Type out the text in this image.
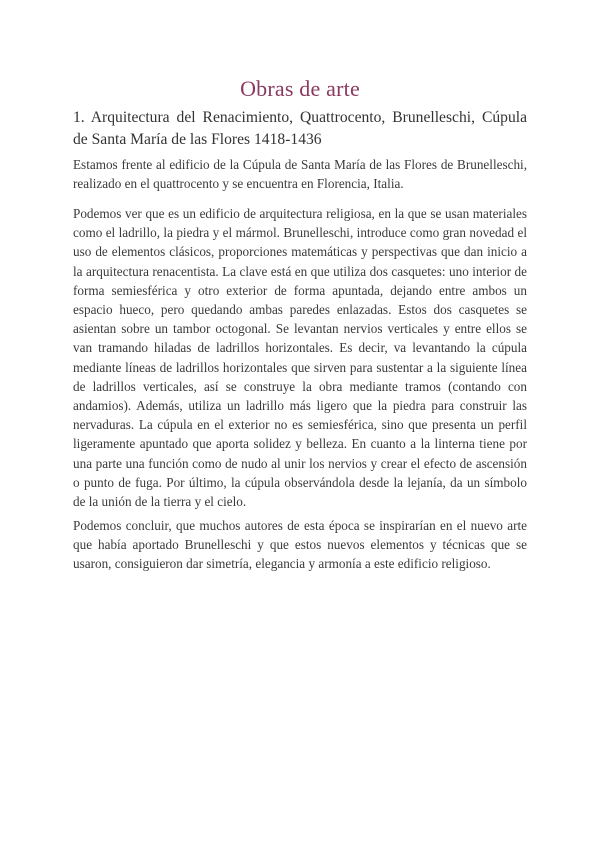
Obras de arte
1. Arquitectura del Renacimiento, Quattrocento, Brunelleschi, Cúpula de Santa María de las Flores 1418-1436

Estamos frente al edificio de la Cúpula de Santa María de las Flores de Brunelleschi, realizado en el quattrocento y se encuentra en Florencia, Italia.

Podemos ver que es un edificio de arquitectura religiosa, en la que se usan materiales como el ladrillo, la piedra y el mármol. Brunelleschi, introduce como gran novedad el uso de elementos clásicos, proporciones matemáticas y perspectivas que dan inicio a la arquitectura renacentista. La clave está en que utiliza dos casquetes: uno interior de forma semiesférica y otro exterior de forma apuntada, dejando entre ambos un espacio hueco, pero quedando ambas paredes enlazadas. Estos dos casquetes se asientan sobre un tambor octogonal. Se levantan nervios verticales y entre ellos se van tramando hiladas de ladrillos horizontales. Es decir, va levantando la cúpula mediante líneas de ladrillos horizontales que sirven para sustentar a la siguiente línea de ladrillos verticales, así se construye la obra mediante tramos (contando con andamios). Además, utiliza un ladrillo más ligero que la piedra para construir las nervaduras. La cúpula en el exterior no es semiesférica, sino que presenta un perfil ligeramente apuntado que aporta solidez y belleza. En cuanto a la linterna tiene por una parte una función como de nudo al unir los nervios y crear el efecto de ascensión o punto de fuga. Por último, la cúpula observándola desde la lejanía, da un símbolo de la unión de la tierra y el cielo.

Podemos concluir, que muchos autores de esta época se inspirarían en el nuevo arte que había aportado Brunelleschi y que estos nuevos elementos y técnicas que se usaron, consiguieron dar simetría, elegancia y armonía a este edificio religioso.
